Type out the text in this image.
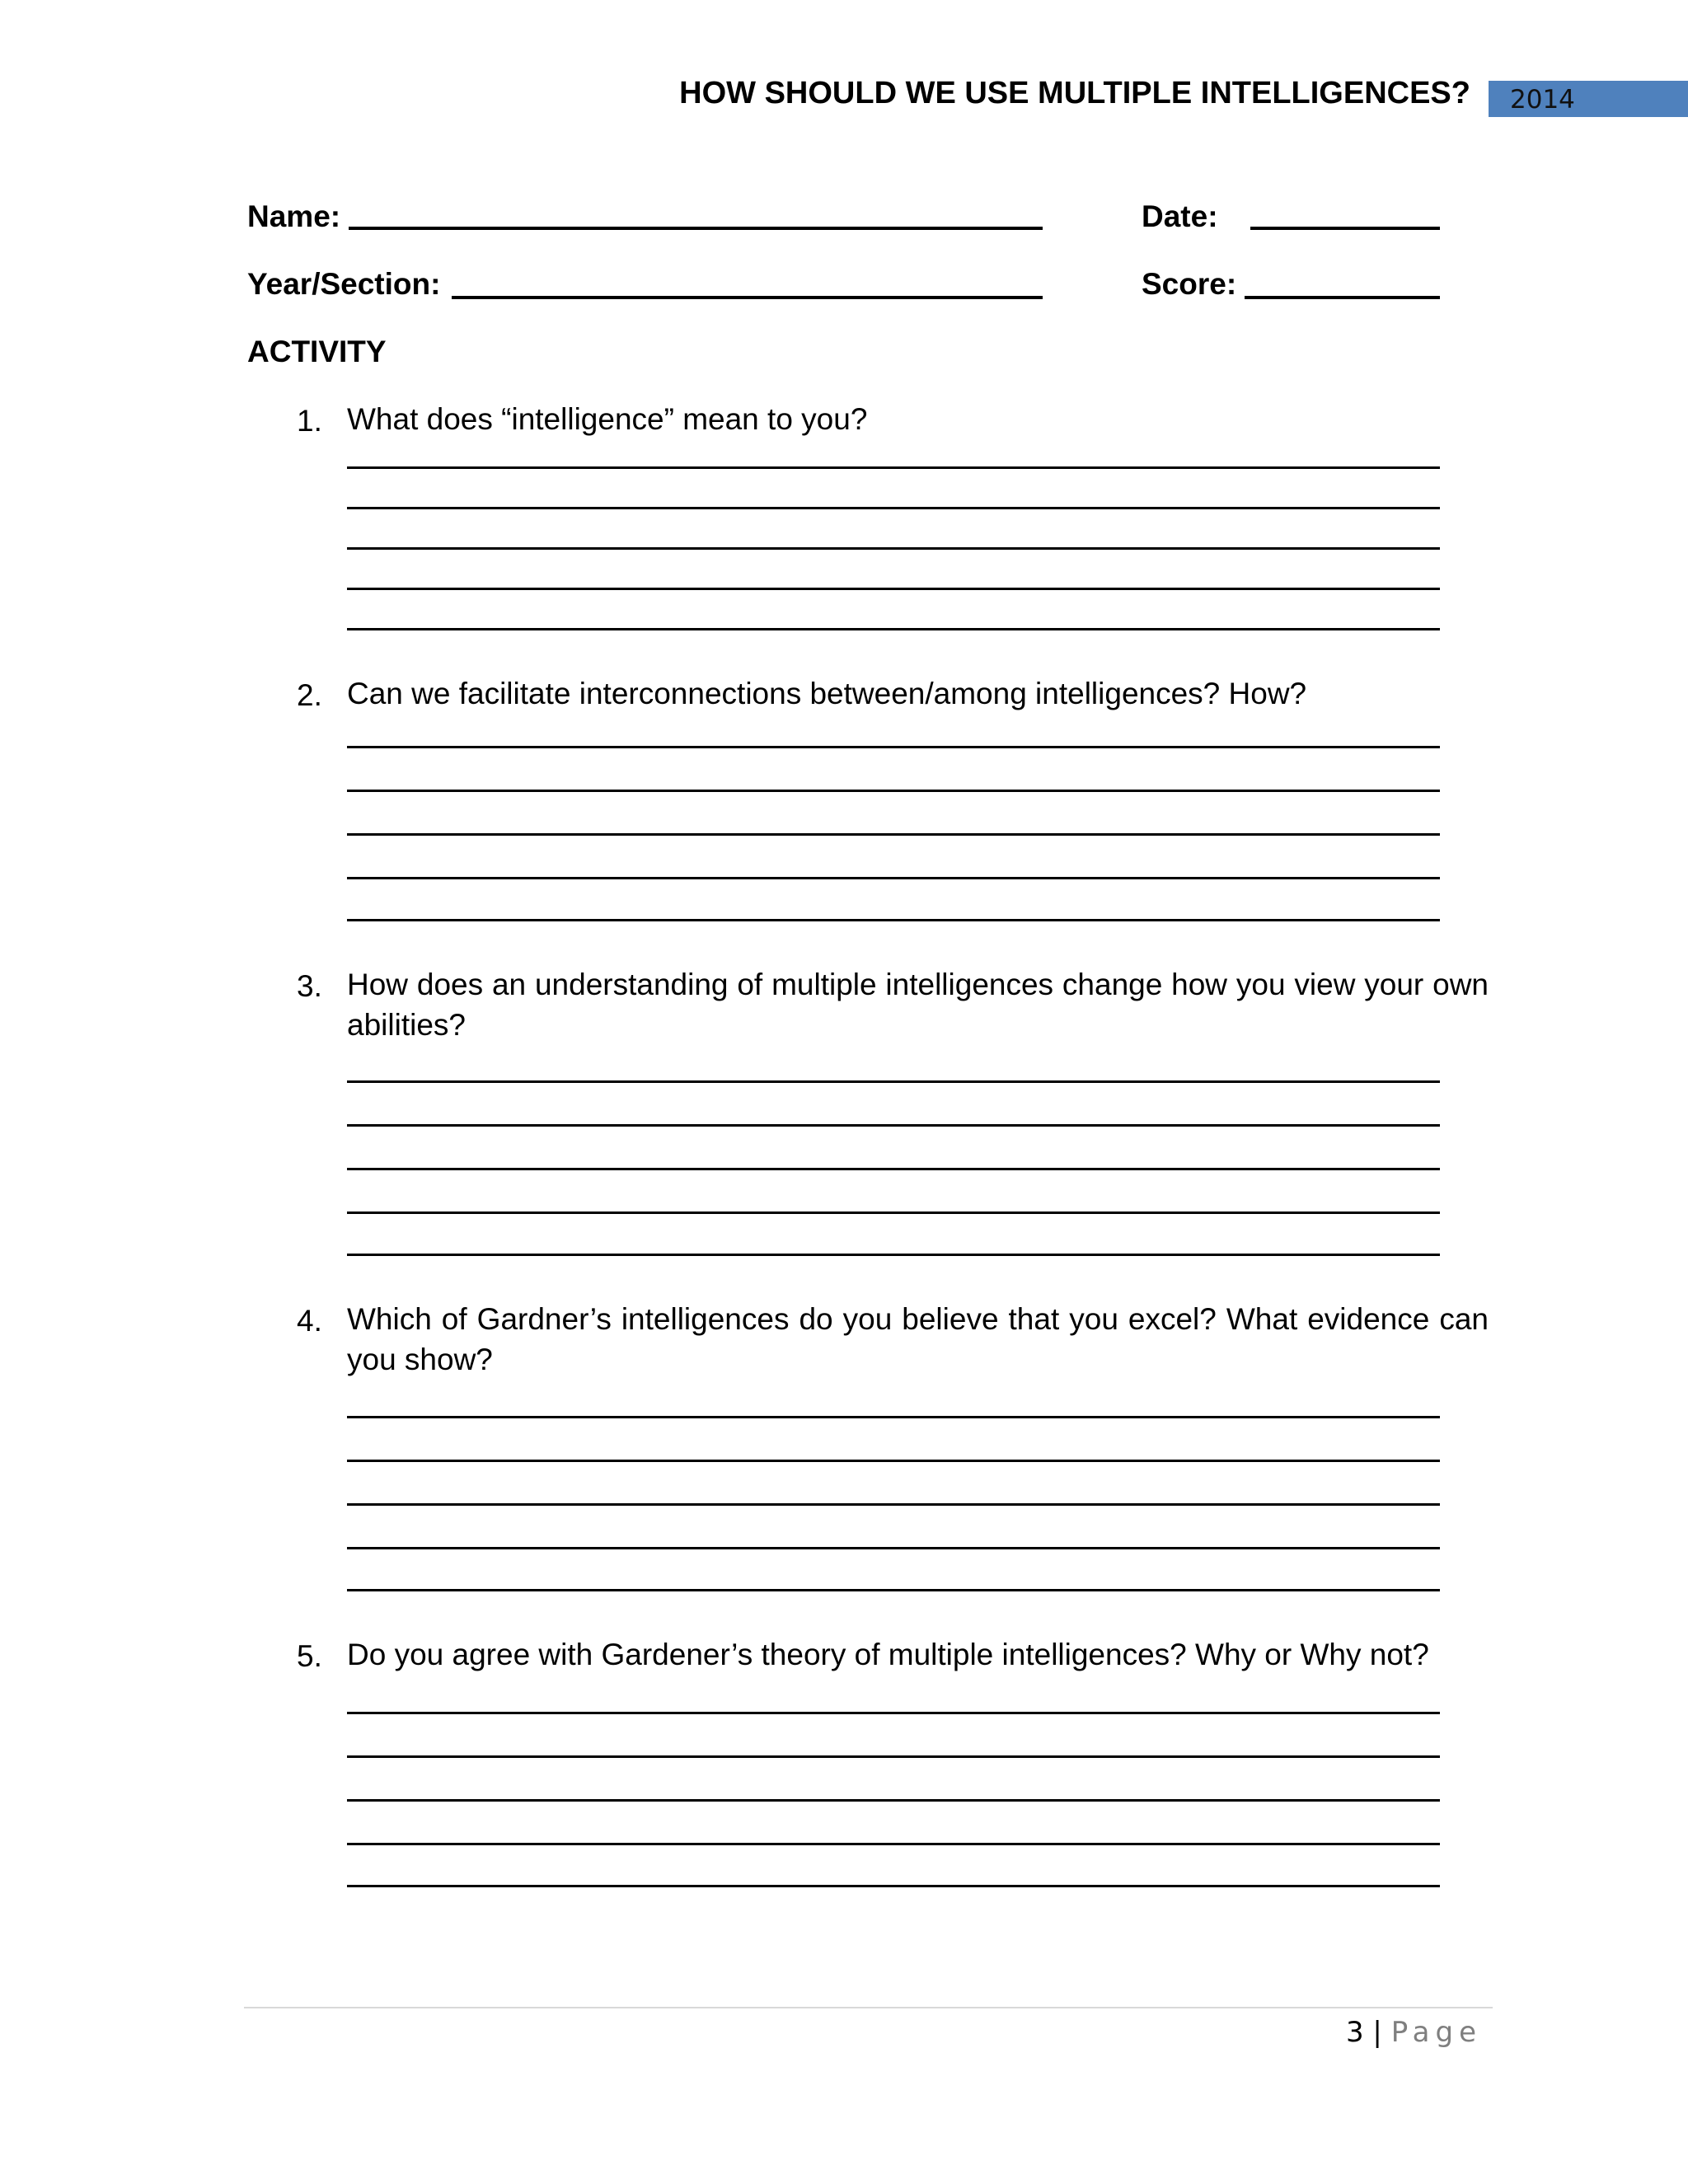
HOW SHOULD WE USE MULTIPLE INTELLIGENCES?	2014
Name:	Date:
Year/Section:	Score:
ACTIVITY
1. What does “intelligence” mean to you?
2. Can we facilitate interconnections between/among intelligences? How?
3. How does an understanding of multiple intelligences change how you view your own abilities?
4. Which of Gardner’s intelligences do you believe that you excel? What evidence can you show?
5. Do you agree with Gardener’s theory of multiple intelligences? Why or Why not?
3 | Page
